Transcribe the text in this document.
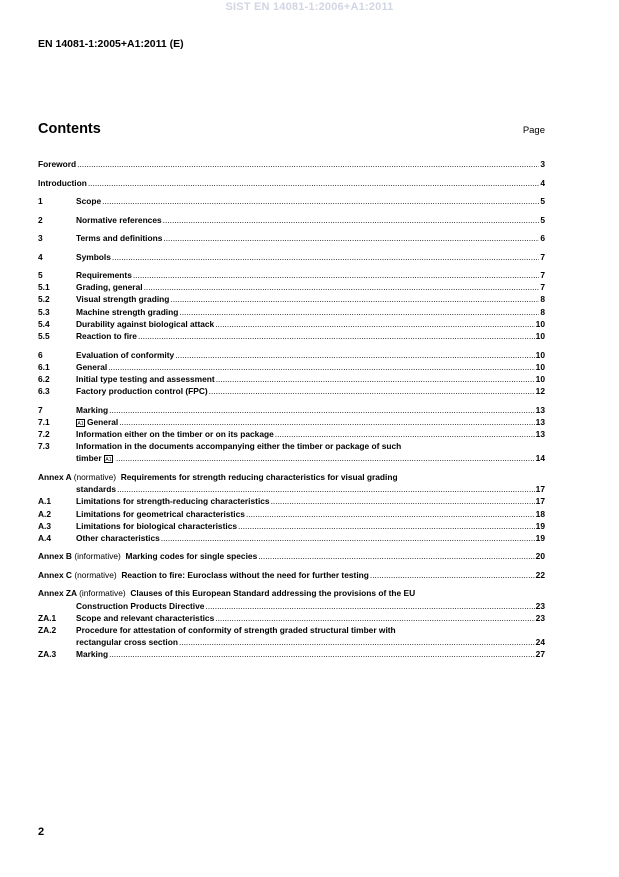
SIST EN 14081-1:2006+A1:2011
EN 14081-1:2005+A1:2011 (E)
Contents	Page
Foreword .....	3
Introduction .....	4
1	Scope .....	5
2	Normative references .....	5
3	Terms and definitions .....	6
4	Symbols .....	7
5	Requirements .....	7
5.1	Grading, general .....	7
5.2	Visual strength grading .....	8
5.3	Machine strength grading .....	8
5.4	Durability against biological attack .....	10
5.5	Reaction to fire .....	10
6	Evaluation of conformity .....	10
6.1	General .....	10
6.2	Initial type testing and assessment .....	10
6.3	Factory production control (FPC) .....	12
7	Marking .....	13
7.1	A1 General .....	13
7.2	Information either on the timber or on its package .....	13
7.3	Information in the documents accompanying either the timber or package of such
timber A1 .....	14
Annex A (normative) Requirements for strength reducing characteristics for visual grading
standards .....	17
A.1	Limitations for strength-reducing characteristics .....	17
A.2	Limitations for geometrical characteristics .....	18
A.3	Limitations for biological characteristics .....	19
A.4	Other characteristics .....	19
Annex B (informative) Marking codes for single species .....	20
Annex C (normative) Reaction to fire: Euroclass without the need for further testing .....	22
Annex ZA (informative) Clauses of this European Standard addressing the provisions of the EU
Construction Products Directive .....	23
ZA.1	Scope and relevant characteristics .....	23
ZA.2	Procedure for attestation of conformity of strength graded structural timber with
rectangular cross section .....	24
ZA.3	Marking .....	27
2
